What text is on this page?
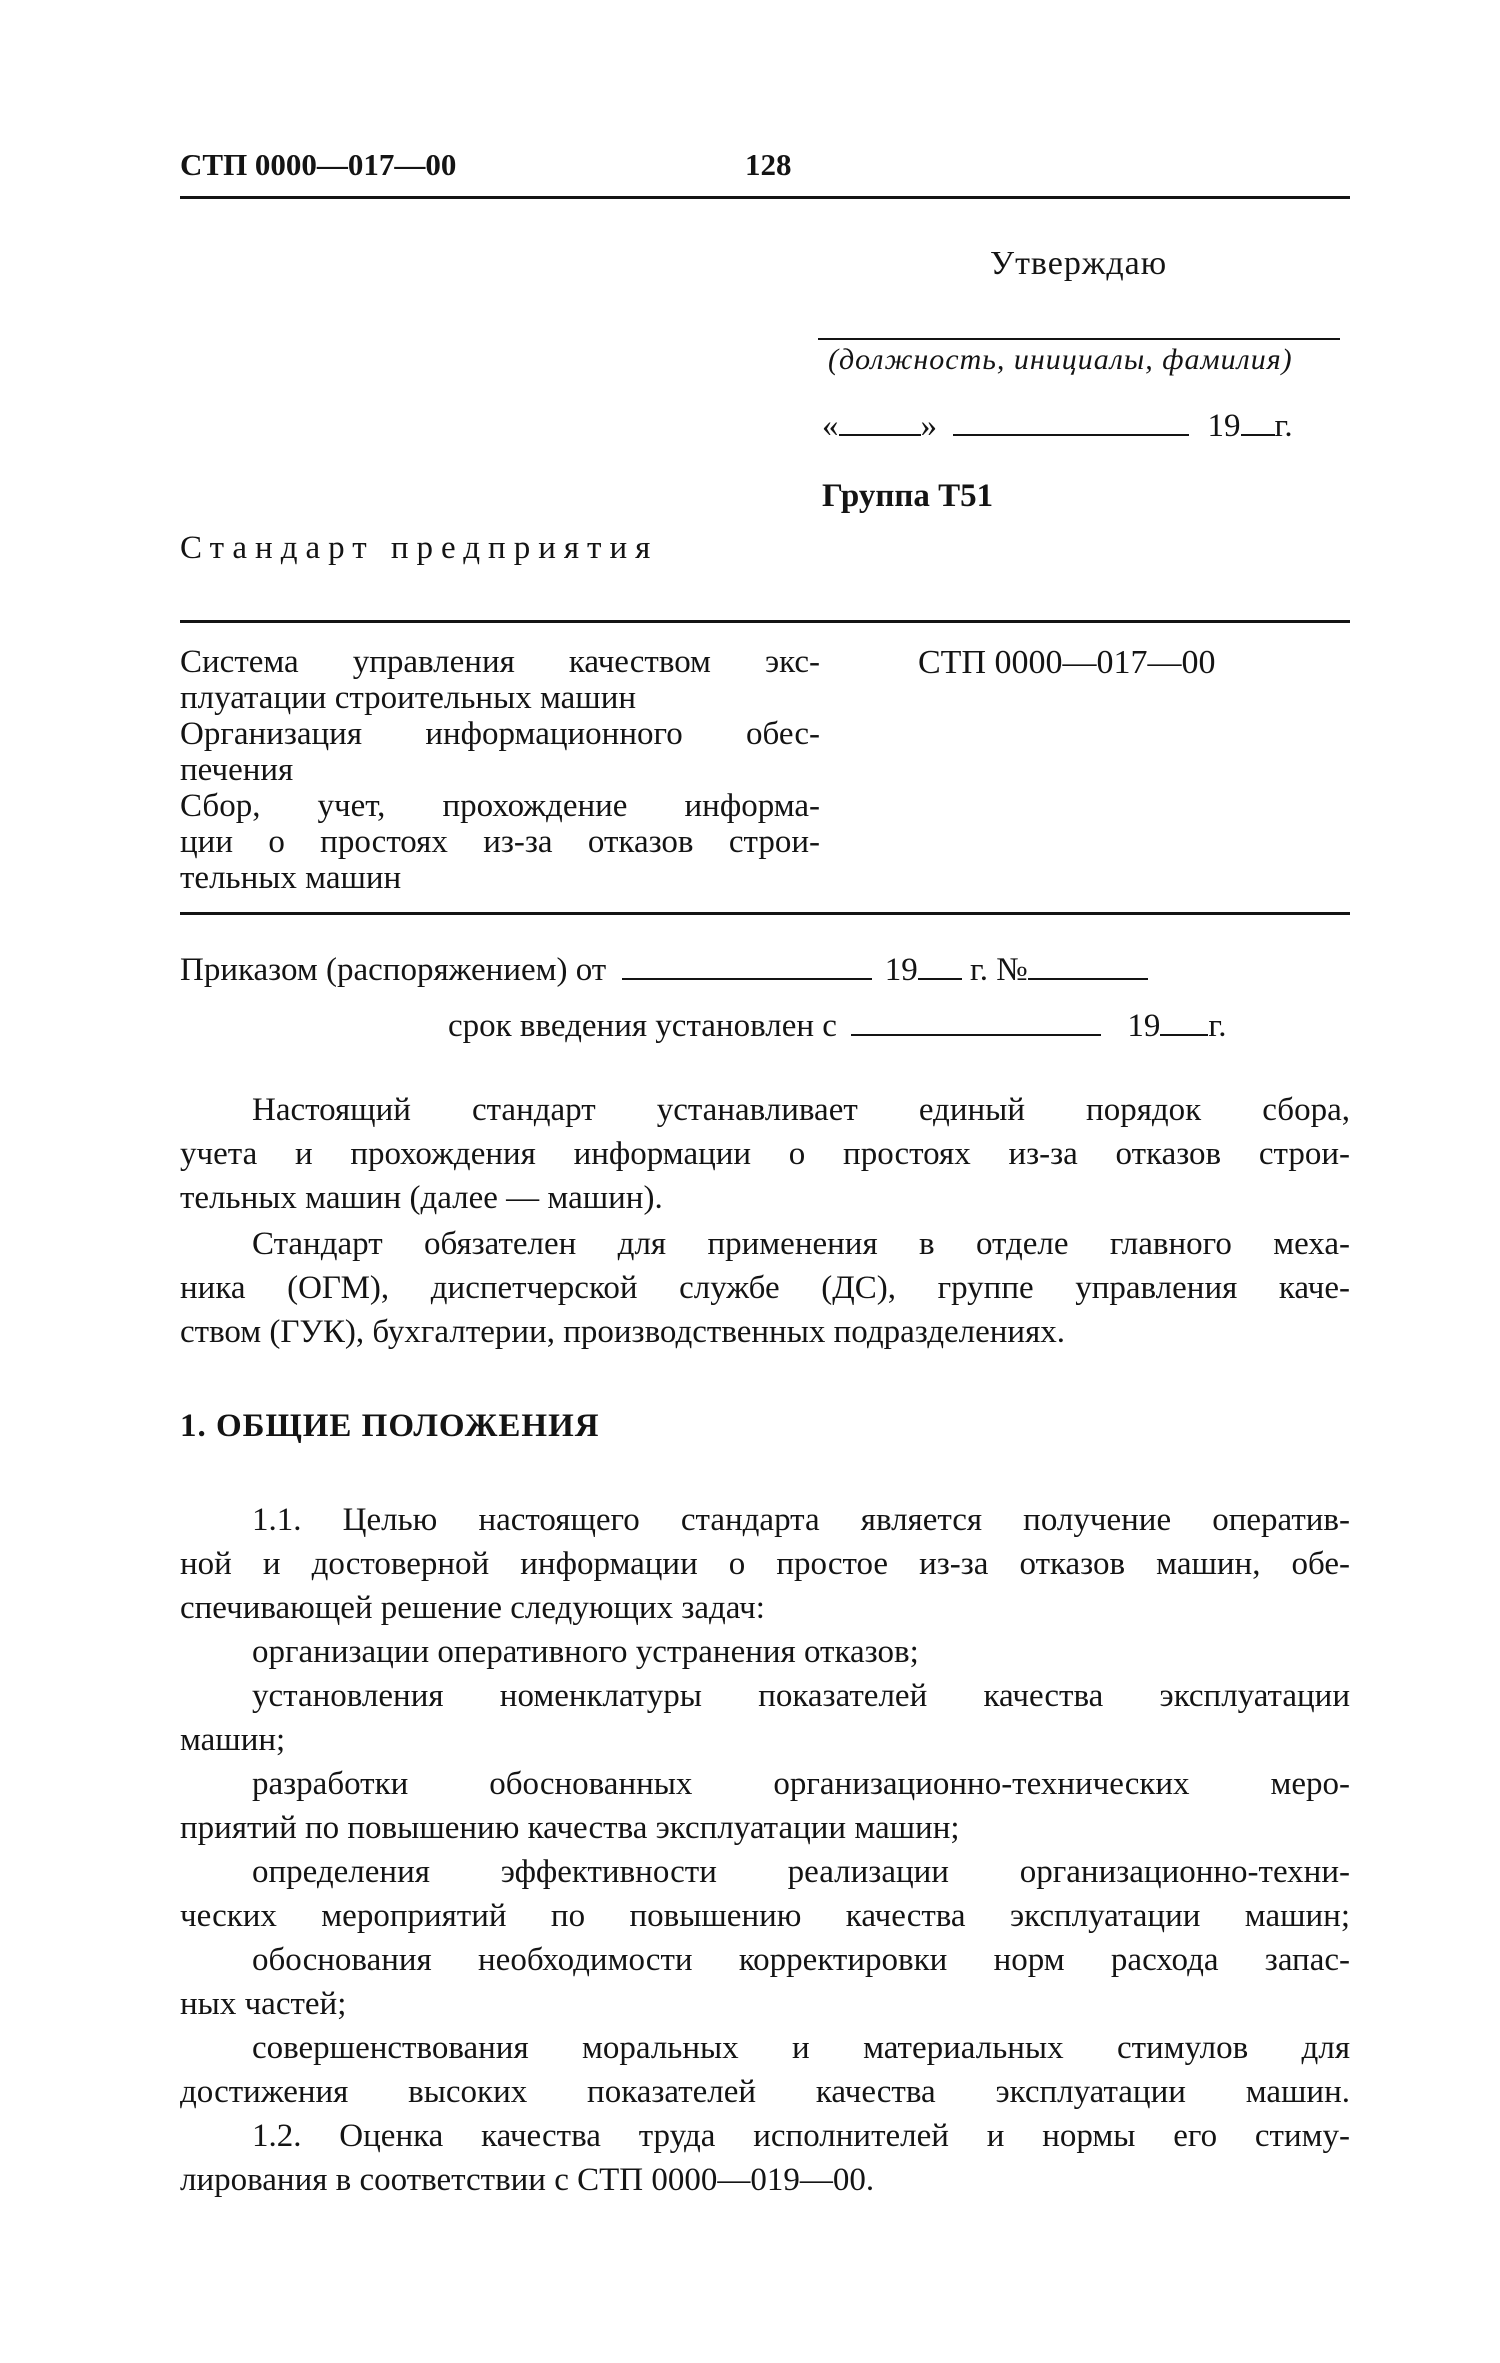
СТП 0000—017—00	128
Утверждаю
(должность, инициалы, фамилия)
« »	19 г.
Группа Т51
Стандарт предприятия
Система управления качеством экс-
плуатации строительных машин
Организация информационного обес-
печения
Сбор, учет, прохождение информа-
ции о простоях из-за отказов строи-
тельных машин
СТП 0000—017—00
Приказом (распоряжением) от	19 г. №
срок введения установлен с	19 г.
Настоящий стандарт устанавливает единый порядок сбора,
учета и прохождения информации о простоях из-за отказов строи-
тельных машин (далее — машин).
Стандарт обязателен для применения в отделе главного меха-
ника (ОГМ), диспетчерской службе (ДС), группе управления каче-
ством (ГУК), бухгалтерии, производственных подразделениях.
1. ОБЩИЕ ПОЛОЖЕНИЯ
1.1. Целью настоящего стандарта является получение оператив-
ной и достоверной информации о простое из-за отказов машин, обе-
спечивающей решение следующих задач:
организации оперативного устранения отказов;
установления номенклатуры показателей качества эксплуатации
машин;
разработки обоснованных организационно-технических меро-
приятий по повышению качества эксплуатации машин;
определения эффективности реализации организационно-техни-
ческих мероприятий по повышению качества эксплуатации машин;
обоснования необходимости корректировки норм расхода запас-
ных частей;
совершенствования моральных и материальных стимулов для
достижения высоких показателей качества эксплуатации машин.
1.2. Оценка качества труда исполнителей и нормы его стиму-
лирования в соответствии с СТП 0000—019—00.
